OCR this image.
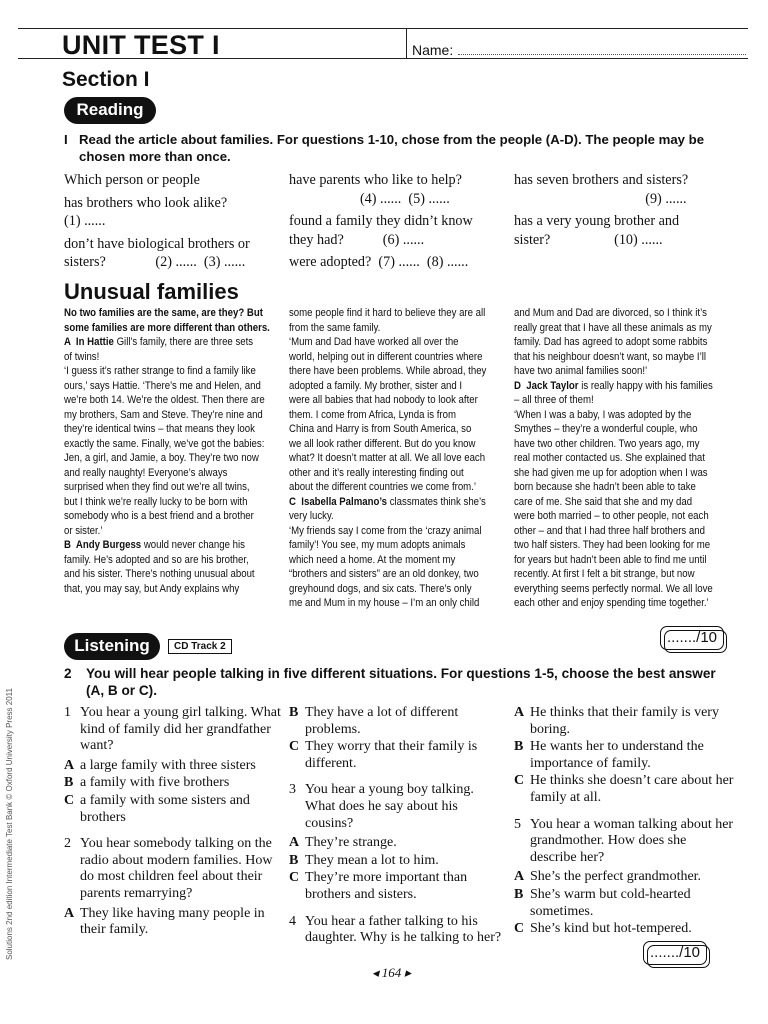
UNIT TEST I	Name:
Section I
Reading
I Read the article about families. For questions 1-10, chose from the people (A-D). The people may be chosen more than once.
Which person or people
has brothers who look alike?
(1) ......
don’t have biological brothers or
sisters?              (2) ......  (3) ......
have parents who like to help?
(4) ......  (5) ......
found a family they didn’t know
they had?           (6) ......
were adopted?  (7) ......  (8) ......
has seven brothers and sisters?
(9) ......
has a very young brother and
sister?                  (10) ......
Unusual families
No two families are the same, are they? But
some families are more different than others.
A  In Hattie Gill’s family, there are three sets
of twins!
‘I guess it’s rather strange to find a family like
ours,’ says Hattie. ‘There’s me and Helen, and
we’re both 14. We’re the oldest. Then there are
my brothers, Sam and Steve. They’re nine and
they’re identical twins – that means they look
exactly the same. Finally, we’ve got the babies:
Jen, a girl, and Jamie, a boy. They’re two now
and really naughty! Everyone’s always
surprised when they find out we’re all twins,
but I think we’re really lucky to be born with
somebody who is a best friend and a brother
or sister.’
B  Andy Burgess would never change his
family. He’s adopted and so are his brother,
and his sister. There’s nothing unusual about
that, you may say, but Andy explains why
some people find it hard to believe they are all
from the same family.
‘Mum and Dad have worked all over the
world, helping out in different countries where
there have been problems. While abroad, they
adopted a family. My brother, sister and I
were all babies that had nobody to look after
them. I come from Africa, Lynda is from
China and Harry is from South America, so
we all look rather different. But do you know
what? It doesn’t matter at all. We all love each
other and it’s really interesting finding out
about the different countries we come from.’
C  Isabella Palmano’s classmates think she’s
very lucky.
‘My friends say I come from the ‘crazy animal
family’! You see, my mum adopts animals
which need a home. At the moment my
“brothers and sisters” are an old donkey, two
greyhound dogs, and six cats. There’s only
me and Mum in my house – I’m an only child
and Mum and Dad are divorced, so I think it’s
really great that I have all these animals as my
family. Dad has agreed to adopt some rabbits
that his neighbour doesn’t want, so maybe I’ll
have two animal families soon!’
D  Jack Taylor is really happy with his families
– all three of them!
‘When I was a baby, I was adopted by the
Smythes – they’re a wonderful couple, who
have two other children. Two years ago, my
real mother contacted us. She explained that
she had given me up for adoption when I was
born because she hadn’t been able to take
care of me. She said that she and my dad
were both married – to other people, not each
other – and that I had three half brothers and
two half sisters. They had been looking for me
for years but hadn’t been able to find me until
recently. At first I felt a bit strange, but now
everything seems perfectly normal. We all love
each other and enjoy spending time together.’
......./10
Listening	CD Track 2
2	You will hear people talking in five different situations. For questions 1-5, choose the best answer (A, B or C).
1 You hear a young girl talking. What kind of family did her grandfather want?
A a large family with three sisters
B a family with five brothers
C a family with some sisters and brothers
2 You hear somebody talking on the radio about modern families. How do most children feel about their parents remarrying?
A They like having many people in their family.
B They have a lot of different problems.
C They worry that their family is different.
3 You hear a young boy talking. What does he say about his cousins?
A They’re strange.
B They mean a lot to him.
C They’re more important than brothers and sisters.
4 You hear a father talking to his daughter. Why is he talking to her?
A He thinks that their family is very boring.
B He wants her to understand the importance of family.
C He thinks she doesn’t care about her family at all.
5 You hear a woman talking about her grandmother. How does she describe her?
A She’s the perfect grandmother.
B She’s warm but cold-hearted sometimes.
C She’s kind but hot-tempered.
......./10
◂ 164 ▸
Solutions 2nd edition Intermediate Test Bank © Oxford University Press 2011
